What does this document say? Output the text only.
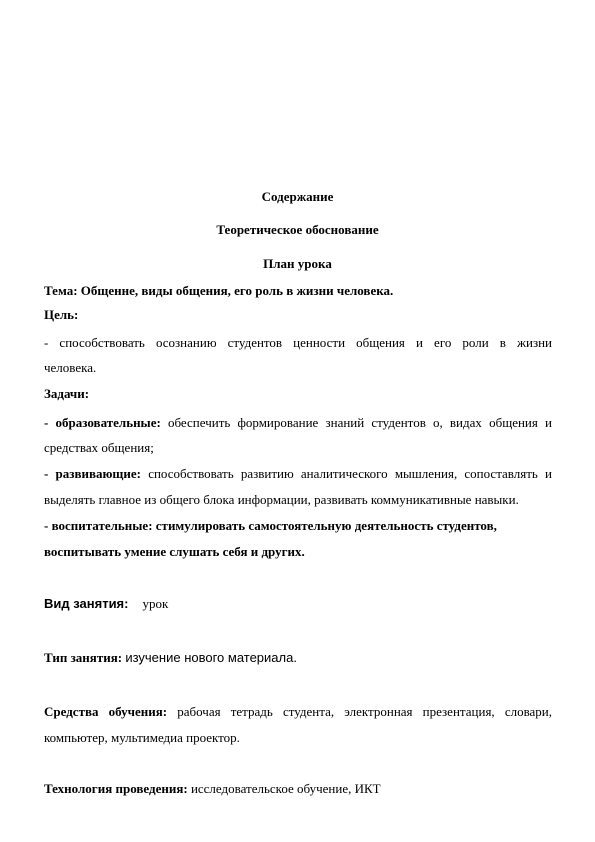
Содержание
Теоретическое обоснование
План урока
Тема: Общенне, виды общения, его роль в жизни человека.
Цель:
- способствовать осознанию студентов ценности общения и его роли в жизни
человека.
Задачи:
- образовательные: обеспечить формирование знаний студентов о, видах общения и
средствах общения;
- развивающие: способствовать развитию аналитического мышления, сопоставлять и
выделять главное из общего блока информации, развивать коммуникативные навыки.
- воспитательные: стимулировать самостоятельную деятельность студентов,
воспитывать умение слушать себя и других.
Вид занятия: урок
Тип занятия: изучение нового материала.
Средства обучения: рабочая тетрадь студента, электронная презентация, словари,
компьютер, мультимедиа проектор.
Технология проведения: исследовательское обучение, ИКТ
